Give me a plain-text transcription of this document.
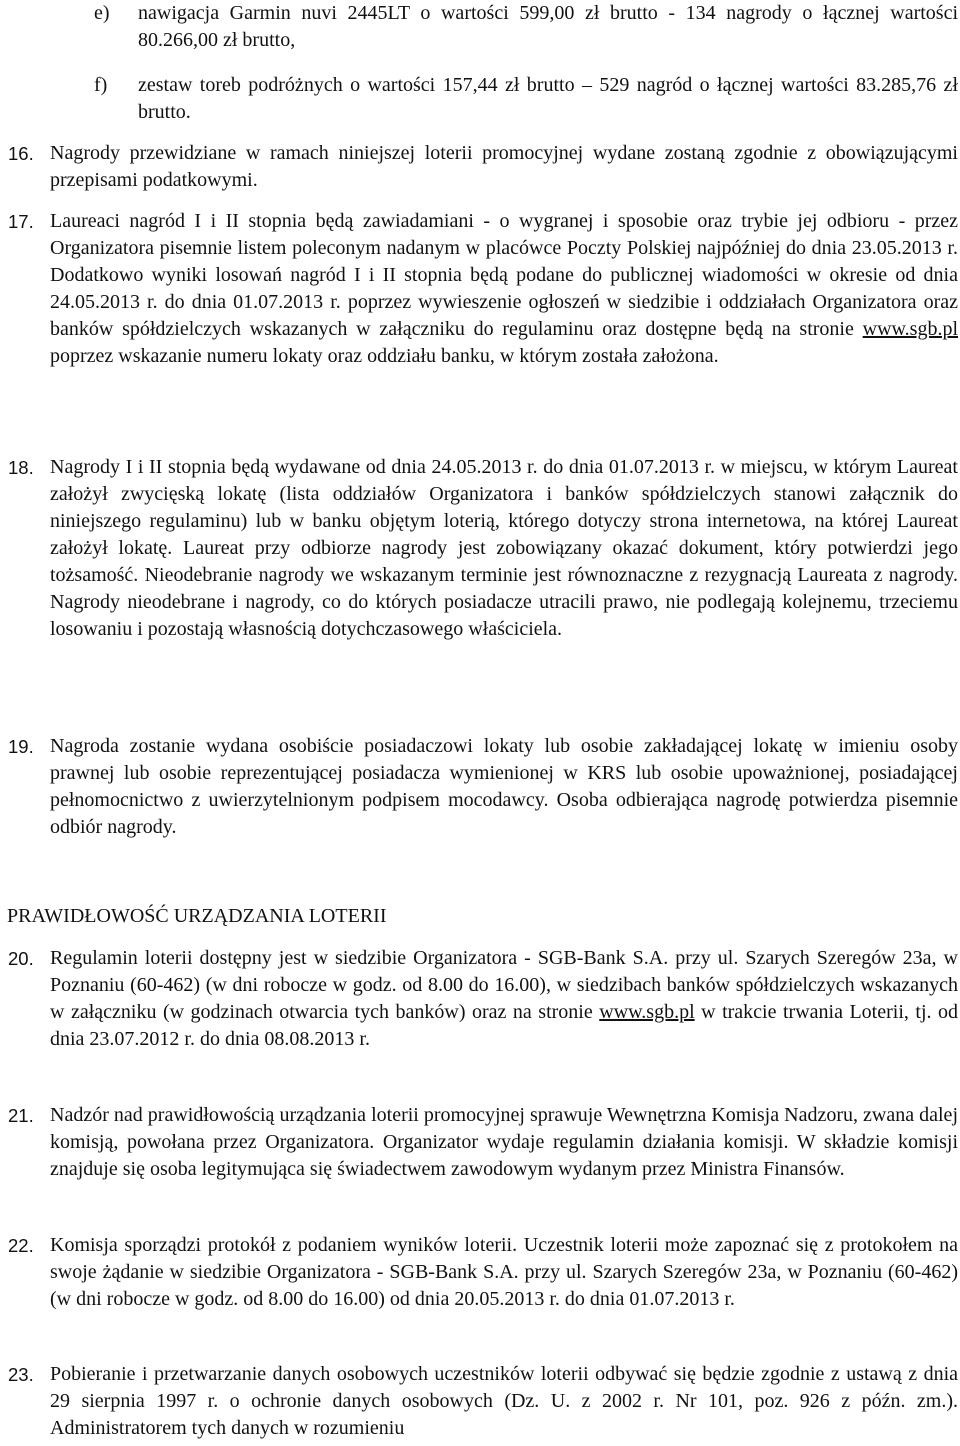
e) nawigacja Garmin nuvi 2445LT o wartości 599,00 zł brutto - 134 nagrody o łącznej wartości 80.266,00 zł brutto,
f) zestaw toreb podróżnych o wartości 157,44 zł brutto – 529 nagród o łącznej wartości 83.285,76 zł brutto.
16. Nagrody przewidziane w ramach niniejszej loterii promocyjnej wydane zostaną zgodnie z obowiązującymi przepisami podatkowymi.
17. Laureaci nagród I i II stopnia będą zawiadamiani - o wygranej i sposobie oraz trybie jej odbioru - przez Organizatora pisemnie listem poleconym nadanym w placówce Poczty Polskiej najpóźniej do dnia 23.05.2013 r. Dodatkowo wyniki losowań nagród I i II stopnia będą podane do publicznej wiadomości w okresie od dnia 24.05.2013 r. do dnia 01.07.2013 r. poprzez wywieszenie ogłoszeń w siedzibie i oddziałach Organizatora oraz banków spółdzielczych wskazanych w załączniku do regulaminu oraz dostępne będą na stronie www.sgb.pl poprzez wskazanie numeru lokaty oraz oddziału banku, w którym została założona.
18. Nagrody I i II stopnia będą wydawane od dnia 24.05.2013 r. do dnia 01.07.2013 r. w miejscu, w którym Laureat założył zwycięską lokatę (lista oddziałów Organizatora i banków spółdzielczych stanowi załącznik do niniejszego regulaminu) lub w banku objętym loterią, którego dotyczy strona internetowa, na której Laureat założył lokatę. Laureat przy odbiorze nagrody jest zobowiązany okazać dokument, który potwierdzi jego tożsamość. Nieodebranie nagrody we wskazanym terminie jest równoznaczne z rezygnacją Laureata z nagrody. Nagrody nieodebrane i nagrody, co do których posiadacze utracili prawo, nie podlegają kolejnemu, trzeciemu losowaniu i pozostają własnością dotychczasowego właściciela.
19. Nagroda zostanie wydana osobiście posiadaczowi lokaty lub osobie zakładającej lokatę w imieniu osoby prawnej lub osobie reprezentującej posiadacza wymienionej w KRS lub osobie upoważnionej, posiadającej pełnomocnictwo z uwierzytelnionym podpisem mocodawcy. Osoba odbierająca nagrodę potwierdza pisemnie odbiór nagrody.
PRAWIDŁOWOŚĆ URZĄDZANIA LOTERII
20. Regulamin loterii dostępny jest w siedzibie Organizatora - SGB-Bank S.A. przy ul. Szarych Szeregów 23a, w Poznaniu (60-462) (w dni robocze w godz. od 8.00 do 16.00), w siedzibach banków spółdzielczych wskazanych w załączniku (w godzinach otwarcia tych banków) oraz na stronie www.sgb.pl w trakcie trwania Loterii, tj. od dnia 23.07.2012 r. do dnia 08.08.2013 r.
21. Nadzór nad prawidłowością urządzania loterii promocyjnej sprawuje Wewnętrzna Komisja Nadzoru, zwana dalej komisją, powołana przez Organizatora. Organizator wydaje regulamin działania komisji. W składzie komisji znajduje się osoba legitymująca się świadectwem zawodowym wydanym przez Ministra Finansów.
22. Komisja sporządzi protokół z podaniem wyników loterii. Uczestnik loterii może zapoznać się z protokołem na swoje żądanie w siedzibie Organizatora - SGB-Bank S.A. przy ul. Szarych Szeregów 23a, w Poznaniu (60-462) (w dni robocze w godz. od 8.00 do 16.00) od dnia 20.05.2013 r. do dnia 01.07.2013 r.
23. Pobieranie i przetwarzanie danych osobowych uczestników loterii odbywać się będzie zgodnie z ustawą z dnia 29 sierpnia 1997 r. o ochronie danych osobowych (Dz. U. z 2002 r. Nr 101, poz. 926 z późn. zm.). Administratorem tych danych w rozumieniu
